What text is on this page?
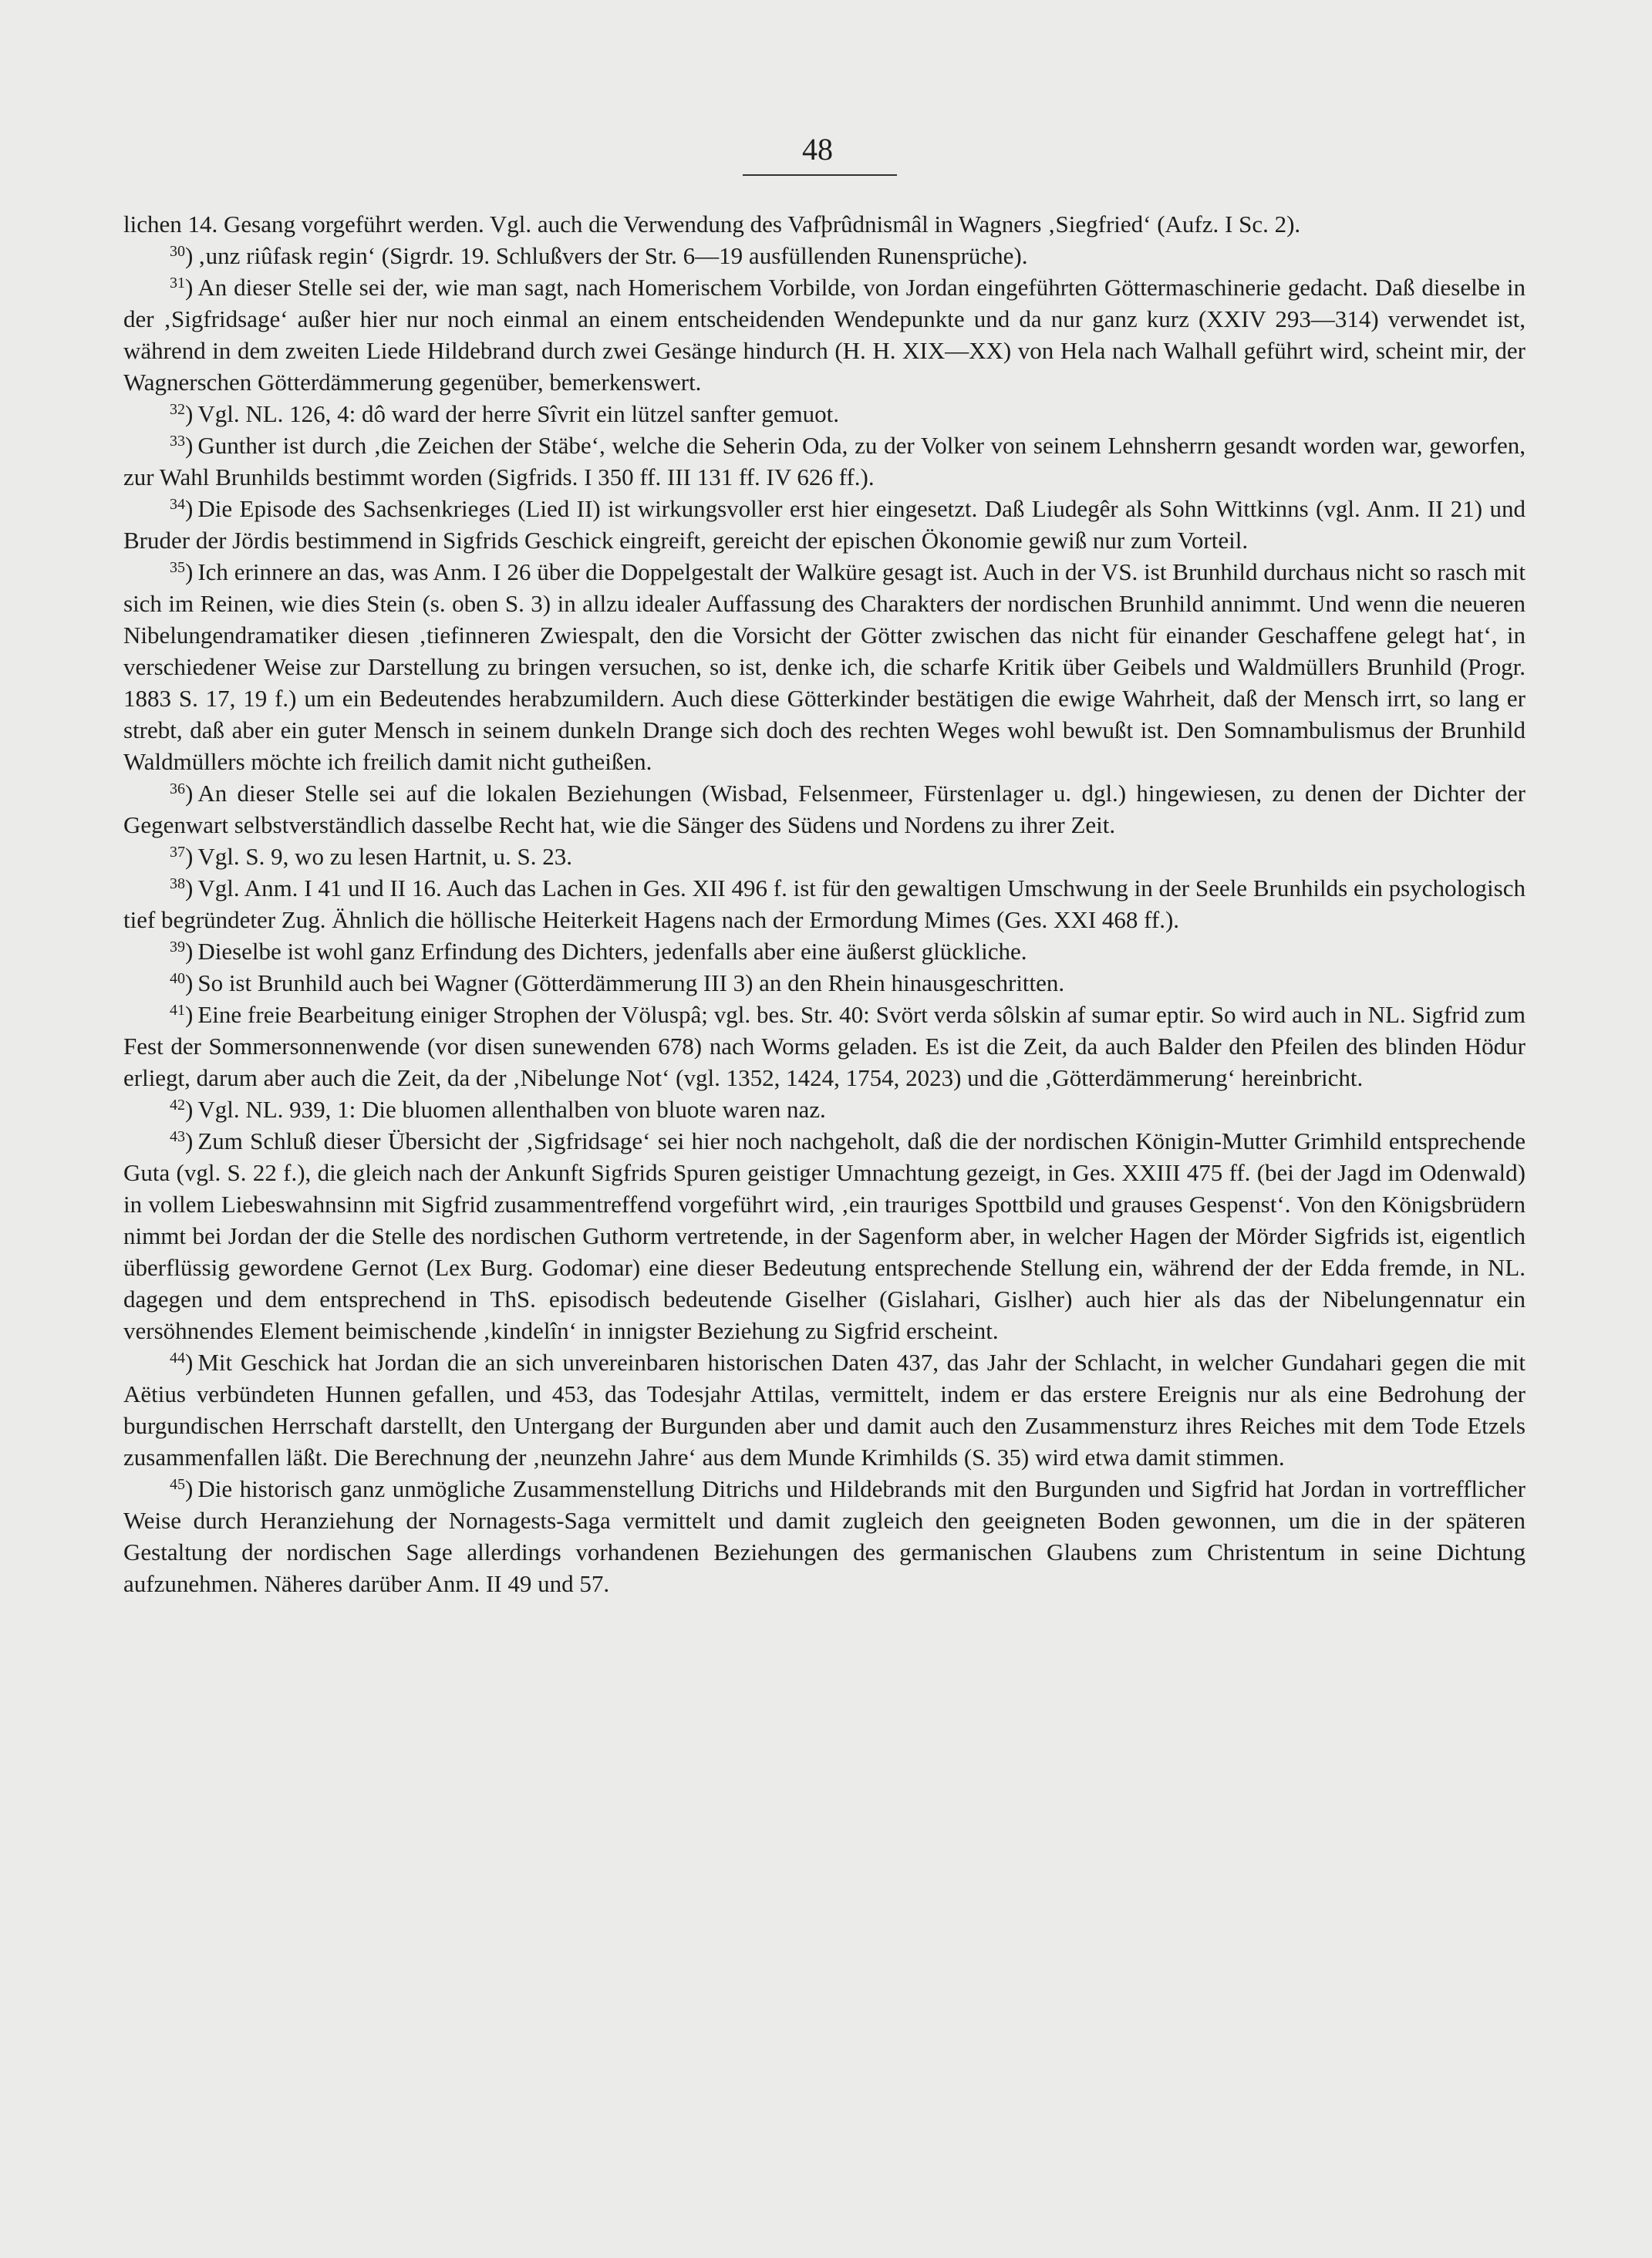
48

lichen 14. Gesang vorgeführt werden. Vgl. auch die Verwendung des Vafþrûdnismâl in Wagners ‚Siegfried‘ (Aufz. I Sc. 2).

$^{30}$) ‚unz riûfask regin‘ (Sigrdr. 19. Schlußvers der Str. 6—19 ausfüllenden Runensprüche).

$^{31}$) An dieser Stelle sei der, wie man sagt, nach Homerischem Vorbilde, von Jordan eingeführten Göttermaschinerie gedacht. Daß dieselbe in der ‚Sigfridsage‘ außer hier nur noch einmal an einem entscheidenden Wendepunkte und da nur ganz kurz (XXIV 293—314) verwendet ist, während in dem zweiten Liede Hildebrand durch zwei Gesänge hindurch (H. H. XIX—XX) von Hela nach Walhall geführt wird, scheint mir, der Wagnerschen Götterdämmerung gegenüber, bemerkenswert.

$^{32}$) Vgl. NL. 126, 4: dô ward der herre Sîvrit ein lützel sanfter gemuot.

$^{33}$) Gunther ist durch ‚die Zeichen der Stäbe‘, welche die Seherin Oda, zu der Volker von seinem Lehnsherrn gesandt worden war, geworfen, zur Wahl Brunhilds bestimmt worden (Sigfrids. I 350 ff. III 131 ff. IV 626 ff.).

$^{34}$) Die Episode des Sachsenkrieges (Lied II) ist wirkungsvoller erst hier eingesetzt. Daß Liudegêr als Sohn Wittkinns (vgl. Anm. II 21) und Bruder der Jördis bestimmend in Sigfrids Geschick eingreift, gereicht der epischen Ökonomie gewiß nur zum Vorteil.

$^{35}$) Ich erinnere an das, was Anm. I 26 über die Doppelgestalt der Walküre gesagt ist. Auch in der VS. ist Brunhild durchaus nicht so rasch mit sich im Reinen, wie dies Stein (s. oben S. 3) in allzu idealer Auffassung des Charakters der nordischen Brunhild annimmt. Und wenn die neueren Nibelungendramatiker diesen ‚tiefinneren Zwiespalt, den die Vorsicht der Götter zwischen das nicht für einander Geschaffene gelegt hat‘, in verschiedener Weise zur Darstellung zu bringen versuchen, so ist, denke ich, die scharfe Kritik über Geibels und Waldmüllers Brunhild (Progr. 1883 S. 17, 19 f.) um ein Bedeutendes herabzumildern. Auch diese Götterkinder bestätigen die ewige Wahrheit, daß der Mensch irrt, so lang er strebt, daß aber ein guter Mensch in seinem dunkeln Drange sich doch des rechten Weges wohl bewußt ist. Den Somnambulismus der Brunhild Waldmüllers möchte ich freilich damit nicht gutheißen.

$^{36}$) An dieser Stelle sei auf die lokalen Beziehungen (Wisbad, Felsenmeer, Fürstenlager u. dgl.) hingewiesen, zu denen der Dichter der Gegenwart selbstverständlich dasselbe Recht hat, wie die Sänger des Südens und Nordens zu ihrer Zeit.

$^{37}$) Vgl. S. 9, wo zu lesen Hartnit, u. S. 23.

$^{38}$) Vgl. Anm. I 41 und II 16. Auch das Lachen in Ges. XII 496 f. ist für den gewaltigen Umschwung in der Seele Brunhilds ein psychologisch tief begründeter Zug. Ähnlich die höllische Heiterkeit Hagens nach der Ermordung Mimes (Ges. XXI 468 ff.).

$^{39}$) Dieselbe ist wohl ganz Erfindung des Dichters, jedenfalls aber eine äußerst glückliche.

$^{40}$) So ist Brunhild auch bei Wagner (Götterdämmerung III 3) an den Rhein hinausgeschritten.

$^{41}$) Eine freie Bearbeitung einiger Strophen der Völuspâ; vgl. bes. Str. 40: Svört verda sôlskin af sumar eptir. So wird auch in NL. Sigfrid zum Fest der Sommersonnenwende (vor disen sunewenden 678) nach Worms geladen. Es ist die Zeit, da auch Balder den Pfeilen des blinden Hödur erliegt, darum aber auch die Zeit, da der ‚Nibelunge Not‘ (vgl. 1352, 1424, 1754, 2023) und die ‚Götterdämmerung‘ hereinbricht.

$^{42}$) Vgl. NL. 939, 1: Die bluomen allenthalben von bluote waren naz.

$^{43}$) Zum Schluß dieser Übersicht der ‚Sigfridsage‘ sei hier noch nachgeholt, daß die der nordischen Königin-Mutter Grimhild entsprechende Guta (vgl. S. 22 f.), die gleich nach der Ankunft Sigfrids Spuren geistiger Umnachtung gezeigt, in Ges. XXIII 475 ff. (bei der Jagd im Odenwald) in vollem Liebeswahnsinn mit Sigfrid zusammentreffend vorgeführt wird, ‚ein trauriges Spottbild und grauses Gespenst‘. Von den Königsbrüdern nimmt bei Jordan der die Stelle des nordischen Guthorm vertretende, in der Sagenform aber, in welcher Hagen der Mörder Sigfrids ist, eigentlich überflüssig gewordene Gernot (Lex Burg. Godomar) eine dieser Bedeutung entsprechende Stellung ein, während der der Edda fremde, in NL. dagegen und dem entsprechend in ThS. episodisch bedeutende Giselher (Gislahari, Gislher) auch hier als das der Nibelungennatur ein versöhnendes Element beimischende ‚kindelîn‘ in innigster Beziehung zu Sigfrid erscheint.

$^{44}$) Mit Geschick hat Jordan die an sich unvereinbaren historischen Daten 437, das Jahr der Schlacht, in welcher Gundahari gegen die mit Aëtius verbündeten Hunnen gefallen, und 453, das Todesjahr Attilas, vermittelt, indem er das erstere Ereignis nur als eine Bedrohung der burgundischen Herrschaft darstellt, den Untergang der Burgunden aber und damit auch den Zusammensturz ihres Reiches mit dem Tode Etzels zusammenfallen läßt. Die Berechnung der ‚neunzehn Jahre‘ aus dem Munde Krimhilds (S. 35) wird etwa damit stimmen.

$^{45}$) Die historisch ganz unmögliche Zusammenstellung Ditrichs und Hildebrands mit den Burgunden und Sigfrid hat Jordan in vortrefflicher Weise durch Heranziehung der Nornagests-Saga vermittelt und damit zugleich den geeigneten Boden gewonnen, um die in der späteren Gestaltung der nordischen Sage allerdings vorhandenen Beziehungen des germanischen Glaubens zum Christentum in seine Dichtung aufzunehmen. Näheres darüber Anm. II 49 und 57.
